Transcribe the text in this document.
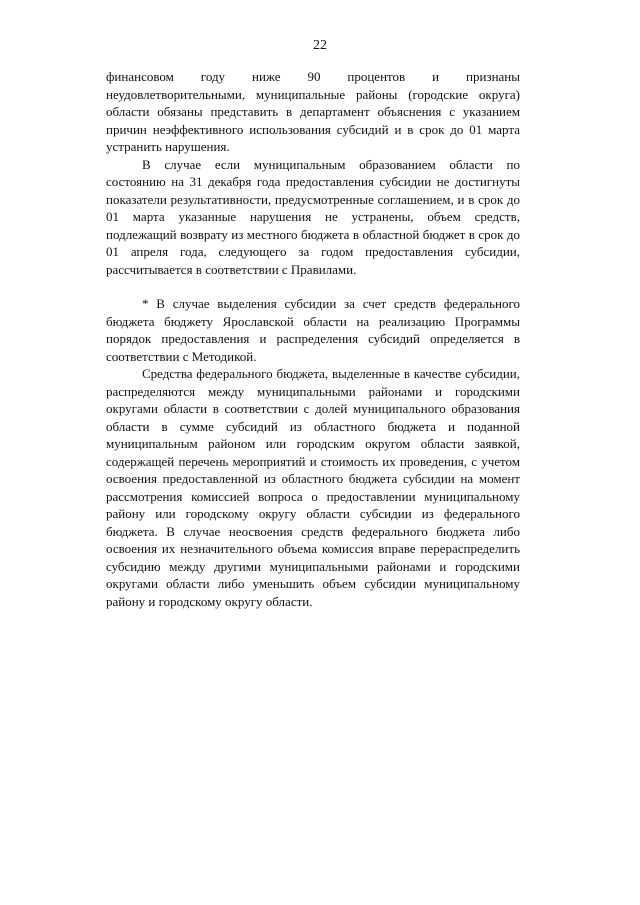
22

финансовом году ниже 90 процентов и признаны неудовлетворительными, муниципальные районы (городские округа) области обязаны представить в департамент объяснения с указанием причин неэффективного использования субсидий и в срок до 01 марта устранить нарушения.

В случае если муниципальным образованием области по состоянию на 31 декабря года предоставления субсидии не достигнуты показатели результативности, предусмотренные соглашением, и в срок до 01 марта указанные нарушения не устранены, объем средств, подлежащий возврату из местного бюджета в областной бюджет в срок до 01 апреля года, следующего за годом предоставления субсидии, рассчитывается в соответствии с Правилами.

* В случае выделения субсидии за счет средств федерального бюджета бюджету Ярославской области на реализацию Программы порядок предоставления и распределения субсидий определяется в соответствии с Методикой.

Средства федерального бюджета, выделенные в качестве субсидии, распределяются между муниципальными районами и городскими округами области в соответствии с долей муниципального образования области в сумме субсидий из областного бюджета и поданной муниципальным районом или городским округом области заявкой, содержащей перечень мероприятий и стоимость их проведения, с учетом освоения предоставленной из областного бюджета субсидии на момент рассмотрения комиссией вопроса о предоставлении муниципальному району или городскому округу области субсидии из федерального бюджета. В случае неосвоения средств федерального бюджета либо освоения их незначительного объема комиссия вправе перераспределить субсидию между другими муниципальными районами и городскими округами области либо уменьшить объем субсидии муниципальному району и городскому округу области.
